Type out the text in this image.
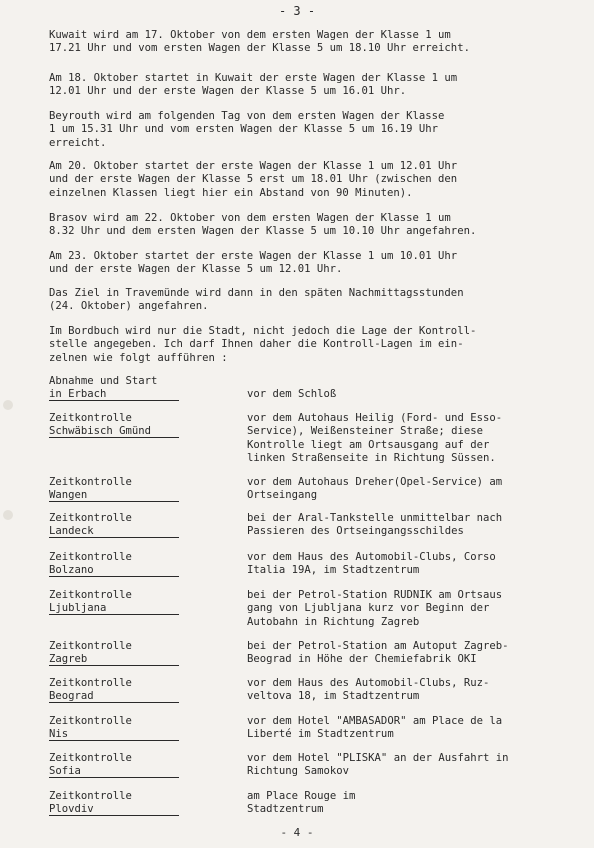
- 3 -
Kuwait wird am 17. Oktober von dem ersten Wagen der Klasse 1 um
17.21 Uhr und vom ersten Wagen der Klasse 5 um 18.10 Uhr erreicht.
Am 18. Oktober startet in Kuwait der erste Wagen der Klasse 1 um
12.01 Uhr und der erste Wagen der Klasse 5 um 16.01 Uhr.
Beyrouth wird am folgenden Tag von dem ersten Wagen der Klasse
1 um 15.31 Uhr und vom ersten Wagen der Klasse 5 um 16.19 Uhr
erreicht.
Am 20. Oktober startet der erste Wagen der Klasse 1 um 12.01 Uhr
und der erste Wagen der Klasse 5 erst um 18.01 Uhr (zwischen den
einzelnen Klassen liegt hier ein Abstand von 90 Minuten).
Brasov wird am 22. Oktober von dem ersten Wagen der Klasse 1 um
8.32 Uhr und dem ersten Wagen der Klasse 5 um 10.10 Uhr angefahren.
Am 23. Oktober startet der erste Wagen der Klasse 1 um 10.01 Uhr
und der erste Wagen der Klasse 5 um 12.01 Uhr.
Das Ziel in Travemünde wird dann in den späten Nachmittagsstunden
(24. Oktober) angefahren.
Im Bordbuch wird nur die Stadt, nicht jedoch die Lage der Kontroll-
stelle angegeben. Ich darf Ihnen daher die Kontroll-Lagen im ein-
zelnen wie folgt aufführen :
Abnahme und Start
in Erbach	vor dem Schloß
Zeitkontrolle
Schwäbisch Gmünd
vor dem Autohaus Heilig (Ford- und Esso-
Service), Weißensteiner Straße; diese
Kontrolle liegt am Ortsausgang auf der
linken Straßenseite in Richtung Süssen.
Zeitkontrolle
Wangen
vor dem Autohaus Dreher(Opel-Service) am
Ortseingang
Zeitkontrolle
Landeck
bei der Aral-Tankstelle unmittelbar nach
Passieren des Ortseingangsschildes
Zeitkontrolle
Bolzano
vor dem Haus des Automobil-Clubs, Corso
Italia 19A, im Stadtzentrum
Zeitkontrolle
Ljubljana
bei der Petrol-Station RUDNIK am Ortsaus
gang von Ljubljana kurz vor Beginn der
Autobahn in Richtung Zagreb
Zeitkontrolle
Zagreb
bei der Petrol-Station am Autoput Zagreb-
Beograd in Höhe der Chemiefabrik OKI
Zeitkontrolle
Beograd
vor dem Haus des Automobil-Clubs, Ruz-
veltova 18, im Stadtzentrum
Zeitkontrolle
Nis
vor dem Hotel "AMBASADOR" am Place de la
Liberté im Stadtzentrum
Zeitkontrolle
Sofia
vor dem Hotel "PLISKA" an der Ausfahrt in
Richtung Samokov
Zeitkontrolle
Plovdiv
am Place Rouge im
Stadtzentrum
- 4 -
